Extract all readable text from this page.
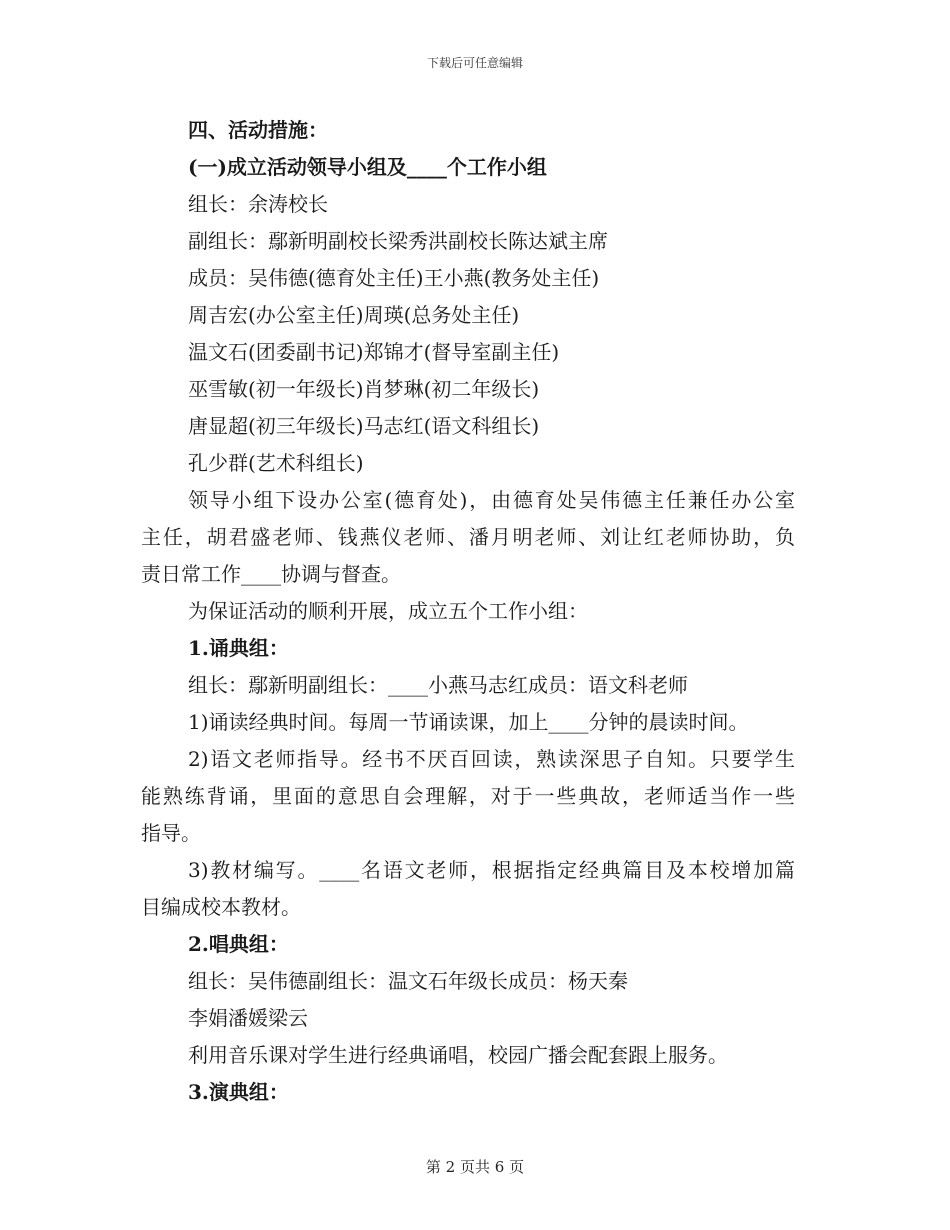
下载后可任意编辑
四、活动措施：
(一)成立活动领导小组及____个工作小组
组长：余涛校长
副组长：鄢新明副校长梁秀洪副校长陈达斌主席
成员：吴伟德(德育处主任)王小燕(教务处主任)
周吉宏(办公室主任)周瑛(总务处主任)
温文石(团委副书记)郑锦才(督导室副主任)
巫雪敏(初一年级长)肖梦琳(初二年级长)
唐显超(初三年级长)马志红(语文科组长)
孔少群(艺术科组长)
领导小组下设办公室(德育处)，由德育处吴伟德主任兼任办公室
主任，胡君盛老师、钱燕仪老师、潘月明老师、刘让红老师协助，负
责日常工作____协调与督查。
为保证活动的顺利开展，成立五个工作小组：
1.诵典组：
组长：鄢新明副组长：____小燕马志红成员：语文科老师
1)诵读经典时间。每周一节诵读课，加上____分钟的晨读时间。
2)语文老师指导。经书不厌百回读，熟读深思子自知。只要学生
能熟练背诵，里面的意思自会理解，对于一些典故，老师适当作一些
指导。
3)教材编写。____名语文老师，根据指定经典篇目及本校增加篇
目编成校本教材。
2.唱典组：
组长：吴伟德副组长：温文石年级长成员：杨天秦
李娟潘媛梁云
利用音乐课对学生进行经典诵唱，校园广播会配套跟上服务。
3.演典组：
第 2 页共 6 页
